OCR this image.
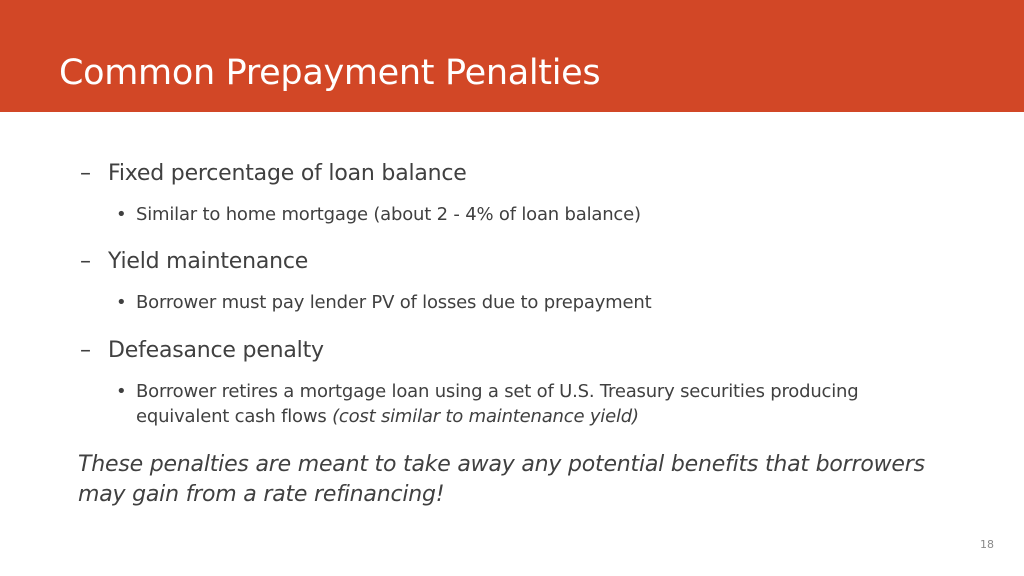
Common Prepayment Penalties
– Fixed percentage of loan balance
• Similar to home mortgage (about 2 - 4% of loan balance)
– Yield maintenance
• Borrower must pay lender PV of losses due to prepayment
– Defeasance penalty
• Borrower retires a mortgage loan using a set of U.S. Treasury securities producing equivalent cash flows (cost similar to maintenance yield)

These penalties are meant to take away any potential benefits that borrowers may gain from a rate refinancing!

18
